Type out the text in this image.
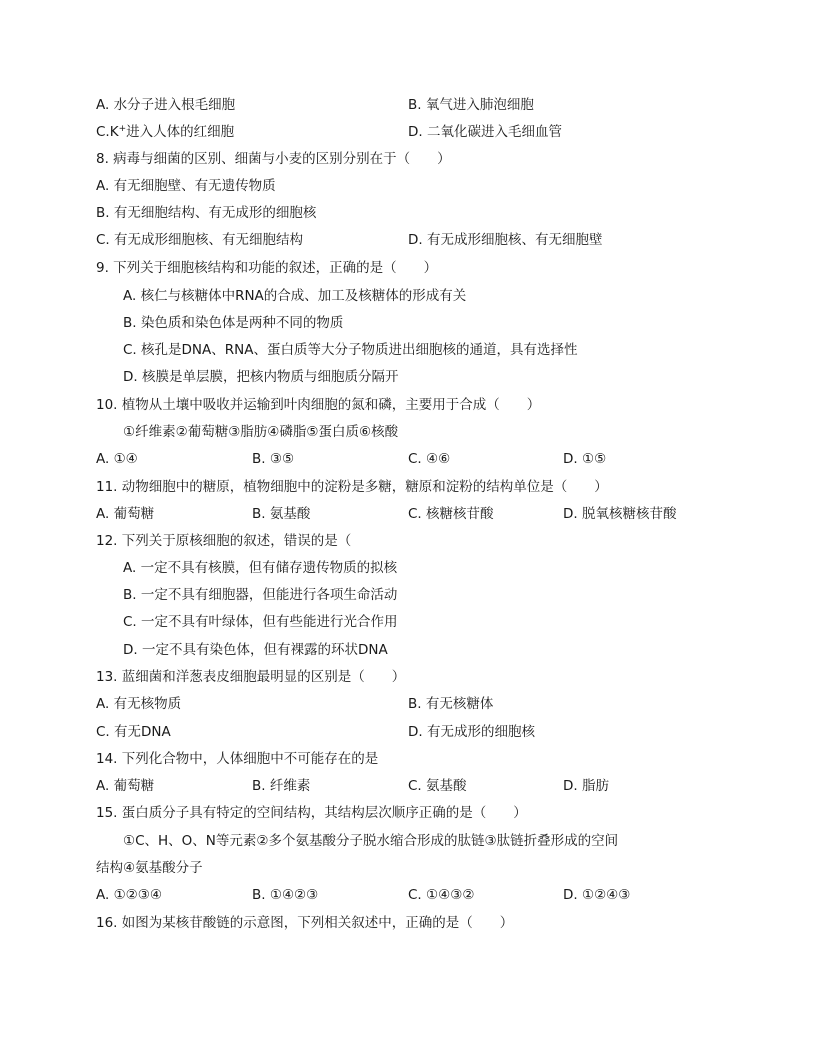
A. 水分子进入根毛细胞	B. 氧气进入肺泡细胞
C.K+进入人体的红细胞	D. 二氧化碳进入毛细血管
8. 病毒与细菌的区别、细菌与小麦的区别分别在于（　　）
A. 有无细胞壁、有无遗传物质
B. 有无细胞结构、有无成形的细胞核
C. 有无成形细胞核、有无细胞结构	D. 有无成形细胞核、有无细胞壁
9. 下列关于细胞核结构和功能的叙述，正确的是（　　）
A. 核仁与核糖体中RNA的合成、加工及核糖体的形成有关
B. 染色质和染色体是两种不同的物质
C. 核孔是DNA、RNA、蛋白质等大分子物质进出细胞核的通道，具有选择性
D. 核膜是单层膜，把核内物质与细胞质分隔开
10. 植物从土壤中吸收并运输到叶肉细胞的氮和磷，主要用于合成（　　）
①纤维素②葡萄糖③脂肪④磷脂⑤蛋白质⑥核酸
A. ①④	B. ③⑤	C. ④⑥	D. ①⑤
11. 动物细胞中的糖原，植物细胞中的淀粉是多糖，糖原和淀粉的结构单位是（　　）
A. 葡萄糖	B. 氨基酸	C. 核糖核苷酸	D. 脱氧核糖核苷酸
12. 下列关于原核细胞的叙述，错误的是（
A. 一定不具有核膜，但有储存遗传物质的拟核
B. 一定不具有细胞器，但能进行各项生命活动
C. 一定不具有叶绿体，但有些能进行光合作用
D. 一定不具有染色体，但有裸露的环状DNA
13. 蓝细菌和洋葱表皮细胞最明显的区别是（　　）
A. 有无核物质	B. 有无核糖体
C. 有无DNA	D. 有无成形的细胞核
14. 下列化合物中，人体细胞中不可能存在的是
A. 葡萄糖	B. 纤维素	C. 氨基酸	D. 脂肪
15. 蛋白质分子具有特定的空间结构，其结构层次顺序正确的是（　　）
①C、H、O、N等元素②多个氨基酸分子脱水缩合形成的肽链③肽链折叠形成的空间
结构④氨基酸分子
A. ①②③④	B. ①④②③	C. ①④③②	D. ①②④③
16. 如图为某核苷酸链的示意图，下列相关叙述中，正确的是（　　）
